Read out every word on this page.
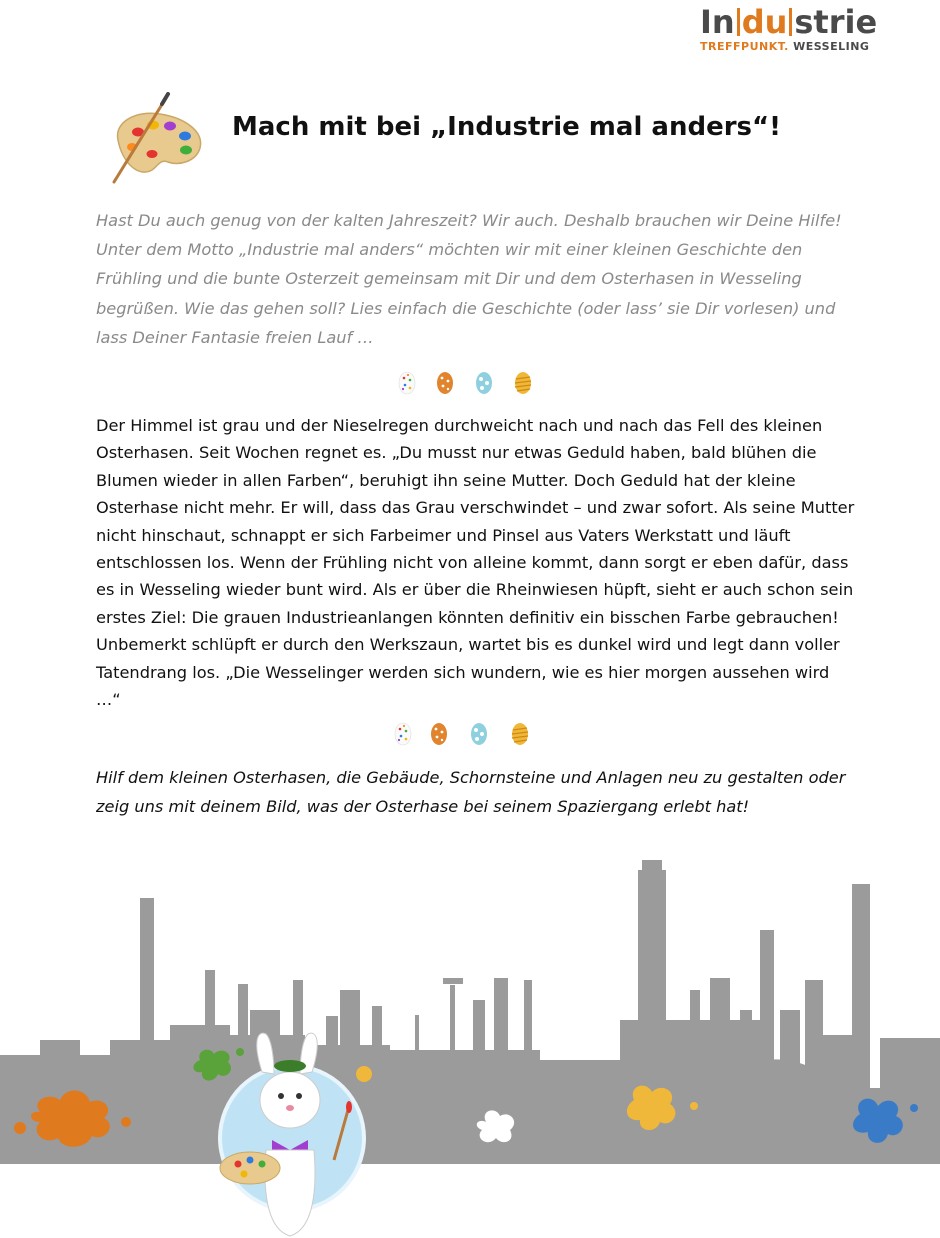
In du strie
TREFFPUNKT. WESSELING
Mach mit bei „Industrie mal anders“!

Hast Du auch genug von der kalten Jahreszeit? Wir auch. Deshalb brauchen wir Deine Hilfe! Unter dem Motto „Industrie mal anders“ möchten wir mit einer kleinen Geschichte den Frühling und die bunte Osterzeit gemeinsam mit Dir und dem Osterhasen in Wesseling begrüßen. Wie das gehen soll? Lies einfach die Geschichte (oder lass’ sie Dir vorlesen) und lass Deiner Fantasie freien Lauf …

Der Himmel ist grau und der Nieselregen durchweicht nach und nach das Fell des kleinen Osterhasen. Seit Wochen regnet es. „Du musst nur etwas Geduld haben, bald blühen die Blumen wieder in allen Farben“, beruhigt ihn seine Mutter. Doch Geduld hat der kleine Osterhase nicht mehr. Er will, dass das Grau verschwindet – und zwar sofort. Als seine Mutter nicht hinschaut, schnappt er sich Farbeimer und Pinsel aus Vaters Werkstatt und läuft entschlossen los. Wenn der Frühling nicht von alleine kommt, dann sorgt er eben dafür, dass es in Wesseling wieder bunt wird. Als er über die Rheinwiesen hüpft, sieht er auch schon sein erstes Ziel: Die grauen Industrieanlangen könnten definitiv ein bisschen Farbe gebrauchen! Unbemerkt schlüpft er durch den Werkszaun, wartet bis es dunkel wird und legt dann voller Tatendrang los. „Die Wesselinger werden sich wundern, wie es hier morgen aussehen wird …“

Hilf dem kleinen Osterhasen, die Gebäude, Schornsteine und Anlagen neu zu gestalten oder zeig uns mit deinem Bild, was der Osterhase bei seinem Spaziergang erlebt hat!
